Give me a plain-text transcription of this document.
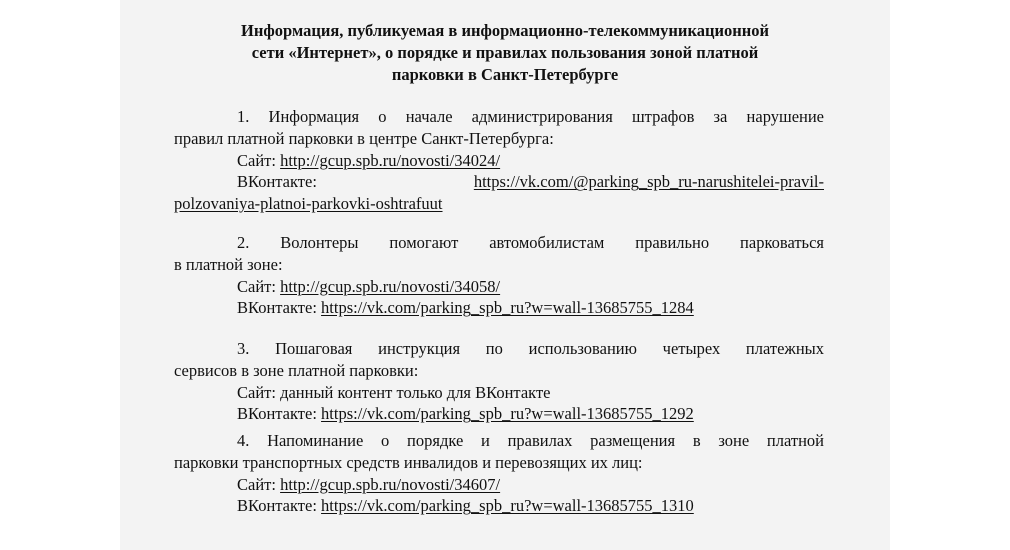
Информация, публикуемая в информационно-телекоммуникационной
сети «Интернет», о порядке и правилах пользования зоной платной
парковки в Санкт-Петербурге
1. Информация о начале администрирования штрафов за нарушение
правил платной парковки в центре Санкт-Петербурга:
Сайт: http://gcup.spb.ru/novosti/34024/
ВКонтакте:	https://vk.com/@parking_spb_ru-narushitelei-pravil-
polzovaniya-platnoi-parkovki-oshtrafuut
2. Волонтеры помогают автомобилистам правильно парковаться
в платной зоне:
Сайт: http://gcup.spb.ru/novosti/34058/
ВКонтакте: https://vk.com/parking_spb_ru?w=wall-13685755_1284
3. Пошаговая инструкция по использованию четырех платежных
сервисов в зоне платной парковки:
Сайт: данный контент только для ВКонтакте
ВКонтакте: https://vk.com/parking_spb_ru?w=wall-13685755_1292
4. Напоминание о порядке и правилах размещения в зоне платной
парковки транспортных средств инвалидов и перевозящих их лиц:
Сайт: http://gcup.spb.ru/novosti/34607/
ВКонтакте: https://vk.com/parking_spb_ru?w=wall-13685755_1310
